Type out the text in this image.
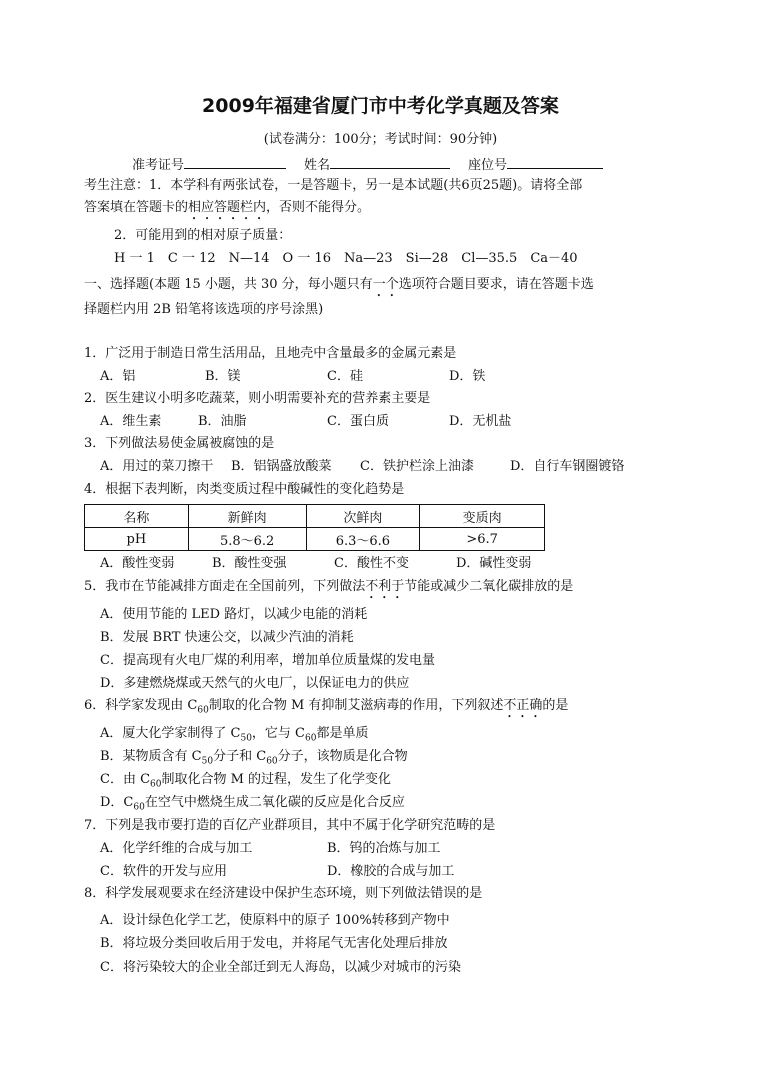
2009年福建省厦门市中考化学真题及答案
(试卷满分：100分；考试时间：90分钟)
准考证号	姓名	座位号
考生注意：1．本学科有两张试卷，一是答题卡，另一是本试题(共6页25题)。请将全部
答案填在答题卡的相应答题栏内，否则不能得分。
2．可能用到的相对原子质量：
H 一 1　C 一 12　N—14　O 一 16　Na—23　Si—28　Cl—35.5　Ca－40
一、选择题(本题 15 小题，共 30 分，每小题只有一个选项符合题目要求，请在答题卡选
择题栏内用 2B 铅笔将该选项的序号涂黑)
1．广泛用于制造日常生活用品，且地壳中含量最多的金属元素是
A．铝	B．镁	C．硅	D．铁
2．医生建议小明多吃蔬菜，则小明需要补充的营养素主要是
A．维生素	B．油脂	C．蛋白质	D．无机盐
3．下列做法易使金属被腐蚀的是
A．用过的菜刀擦干 B．铝锅盛放酸菜 C．铁护栏涂上油漆	D．自行车钢圈镀铬
4．根据下表判断，肉类变质过程中酸碱性的变化趋势是
名称	新鲜肉	次鲜肉	变质肉
pH	5.8～6.2	6.3～6.6	>6.7
A．酸性变弱	B．酸性变强	C．酸性不变	D．碱性变弱
5．我市在节能减排方面走在全国前列，下列做法不利于节能或减少二氧化碳排放的是
A．使用节能的 LED 路灯，以减少电能的消耗
B．发展 BRT 快速公交，以减少汽油的消耗
C．提高现有火电厂煤的利用率，增加单位质量煤的发电量
D．多建燃烧煤或天然气的火电厂，以保证电力的供应
6．科学家发现由 $C_{60}$制取的化合物 M 有抑制艾滋病毒的作用，下列叙述不正确的是
A．厦大化学家制得了 $C_{50}$，它与 $C_{60}$都是单质
B．某物质含有 $C_{50}$分子和 $C_{60}$分子，该物质是化合物
C．由 $C_{60}$制取化合物 M 的过程，发生了化学变化
D．$C_{60}$在空气中燃烧生成二氧化碳的反应是化合反应
7．下列是我市要打造的百亿产业群项目，其中不属于化学研究范畴的是
A．化学纤维的合成与加工	B．钨的冶炼与加工
C．软件的开发与应用	D．橡胶的合成与加工
8．科学发展观要求在经济建设中保护生态环境，则下列做法错误的是
A．设计绿色化学工艺，使原料中的原子 100%转移到产物中
B．将垃圾分类回收后用于发电，并将尾气无害化处理后排放
C．将污染较大的企业全部迁到无人海岛，以减少对城市的污染
